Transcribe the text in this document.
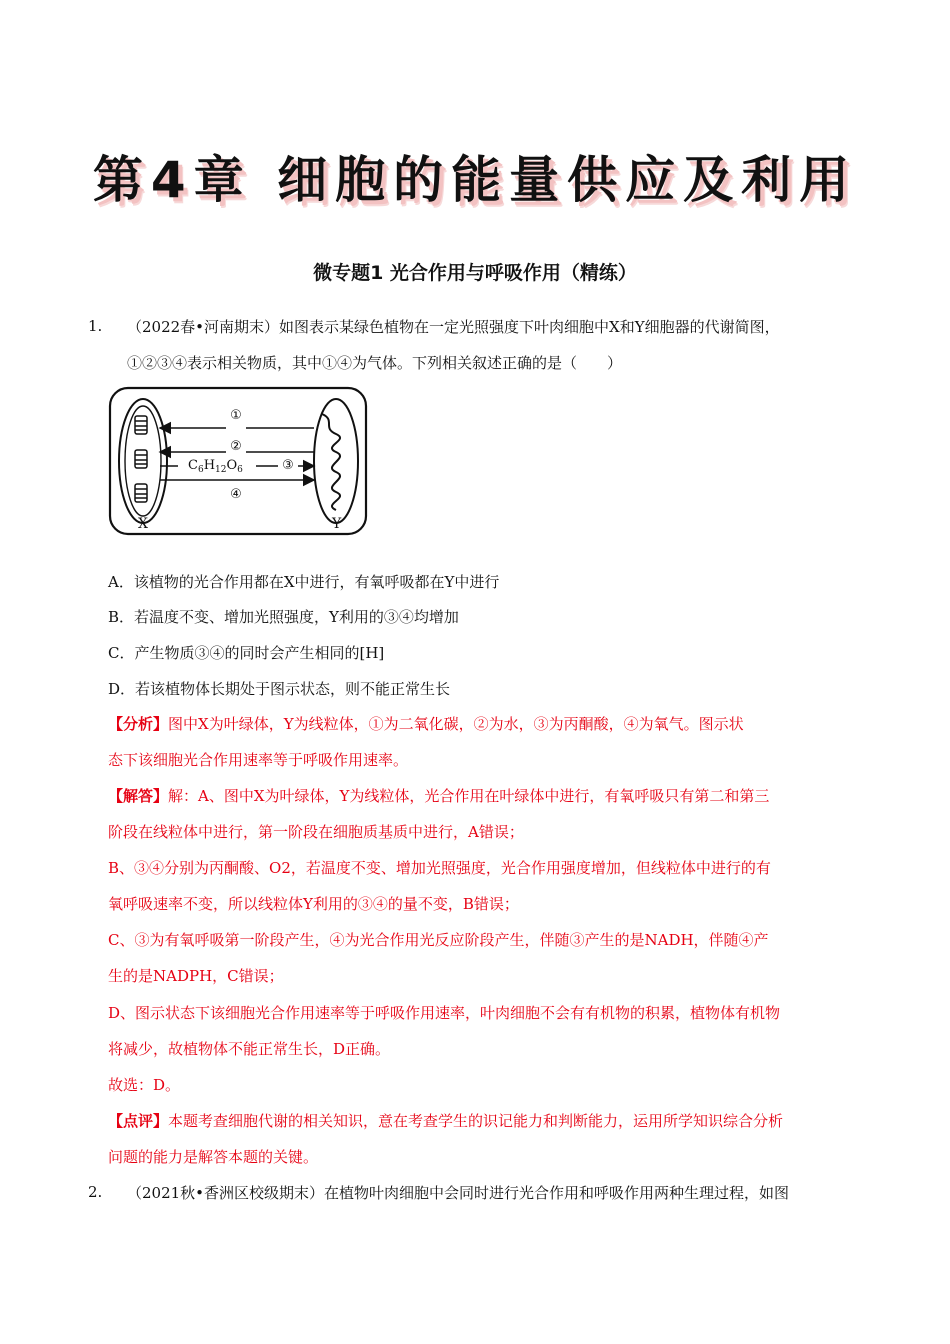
第4章 细胞的能量供应及利用
微专题1 光合作用与呼吸作用（精练）
1. （2022春•河南期末）如图表示某绿色植物在一定光照强度下叶肉细胞中X和Y细胞器的代谢简图，
①②③④表示相关物质，其中①④为气体。下列相关叙述正确的是（　　）
①
②
③
④
$C_6H_{12}O_6$
X	Y
A．该植物的光合作用都在X中进行，有氧呼吸都在Y中进行
B．若温度不变、增加光照强度，Y利用的③④均增加
C．产生物质③④的同时会产生相同的[H]
D．若该植物体长期处于图示状态，则不能正常生长
【分析】图中X为叶绿体，Y为线粒体，①为二氧化碳，②为水，③为丙酮酸，④为氧气。图示状
态下该细胞光合作用速率等于呼吸作用速率。
【解答】解：A、图中X为叶绿体，Y为线粒体，光合作用在叶绿体中进行，有氧呼吸只有第二和第三
阶段在线粒体中进行，第一阶段在细胞质基质中进行，A错误；
B、③④分别为丙酮酸、O2，若温度不变、增加光照强度，光合作用强度增加，但线粒体中进行的有
氧呼吸速率不变，所以线粒体Y利用的③④的量不变，B错误；
C、③为有氧呼吸第一阶段产生，④为光合作用光反应阶段产生，伴随③产生的是NADH，伴随④产
生的是NADPH，C错误；
D、图示状态下该细胞光合作用速率等于呼吸作用速率，叶肉细胞不会有有机物的积累，植物体有机物
将减少，故植物体不能正常生长，D正确。
故选：D。
【点评】本题考查细胞代谢的相关知识，意在考查学生的识记能力和判断能力，运用所学知识综合分析
问题的能力是解答本题的关键。
2. （2021秋•香洲区校级期末）在植物叶肉细胞中会同时进行光合作用和呼吸作用两种生理过程，如图
